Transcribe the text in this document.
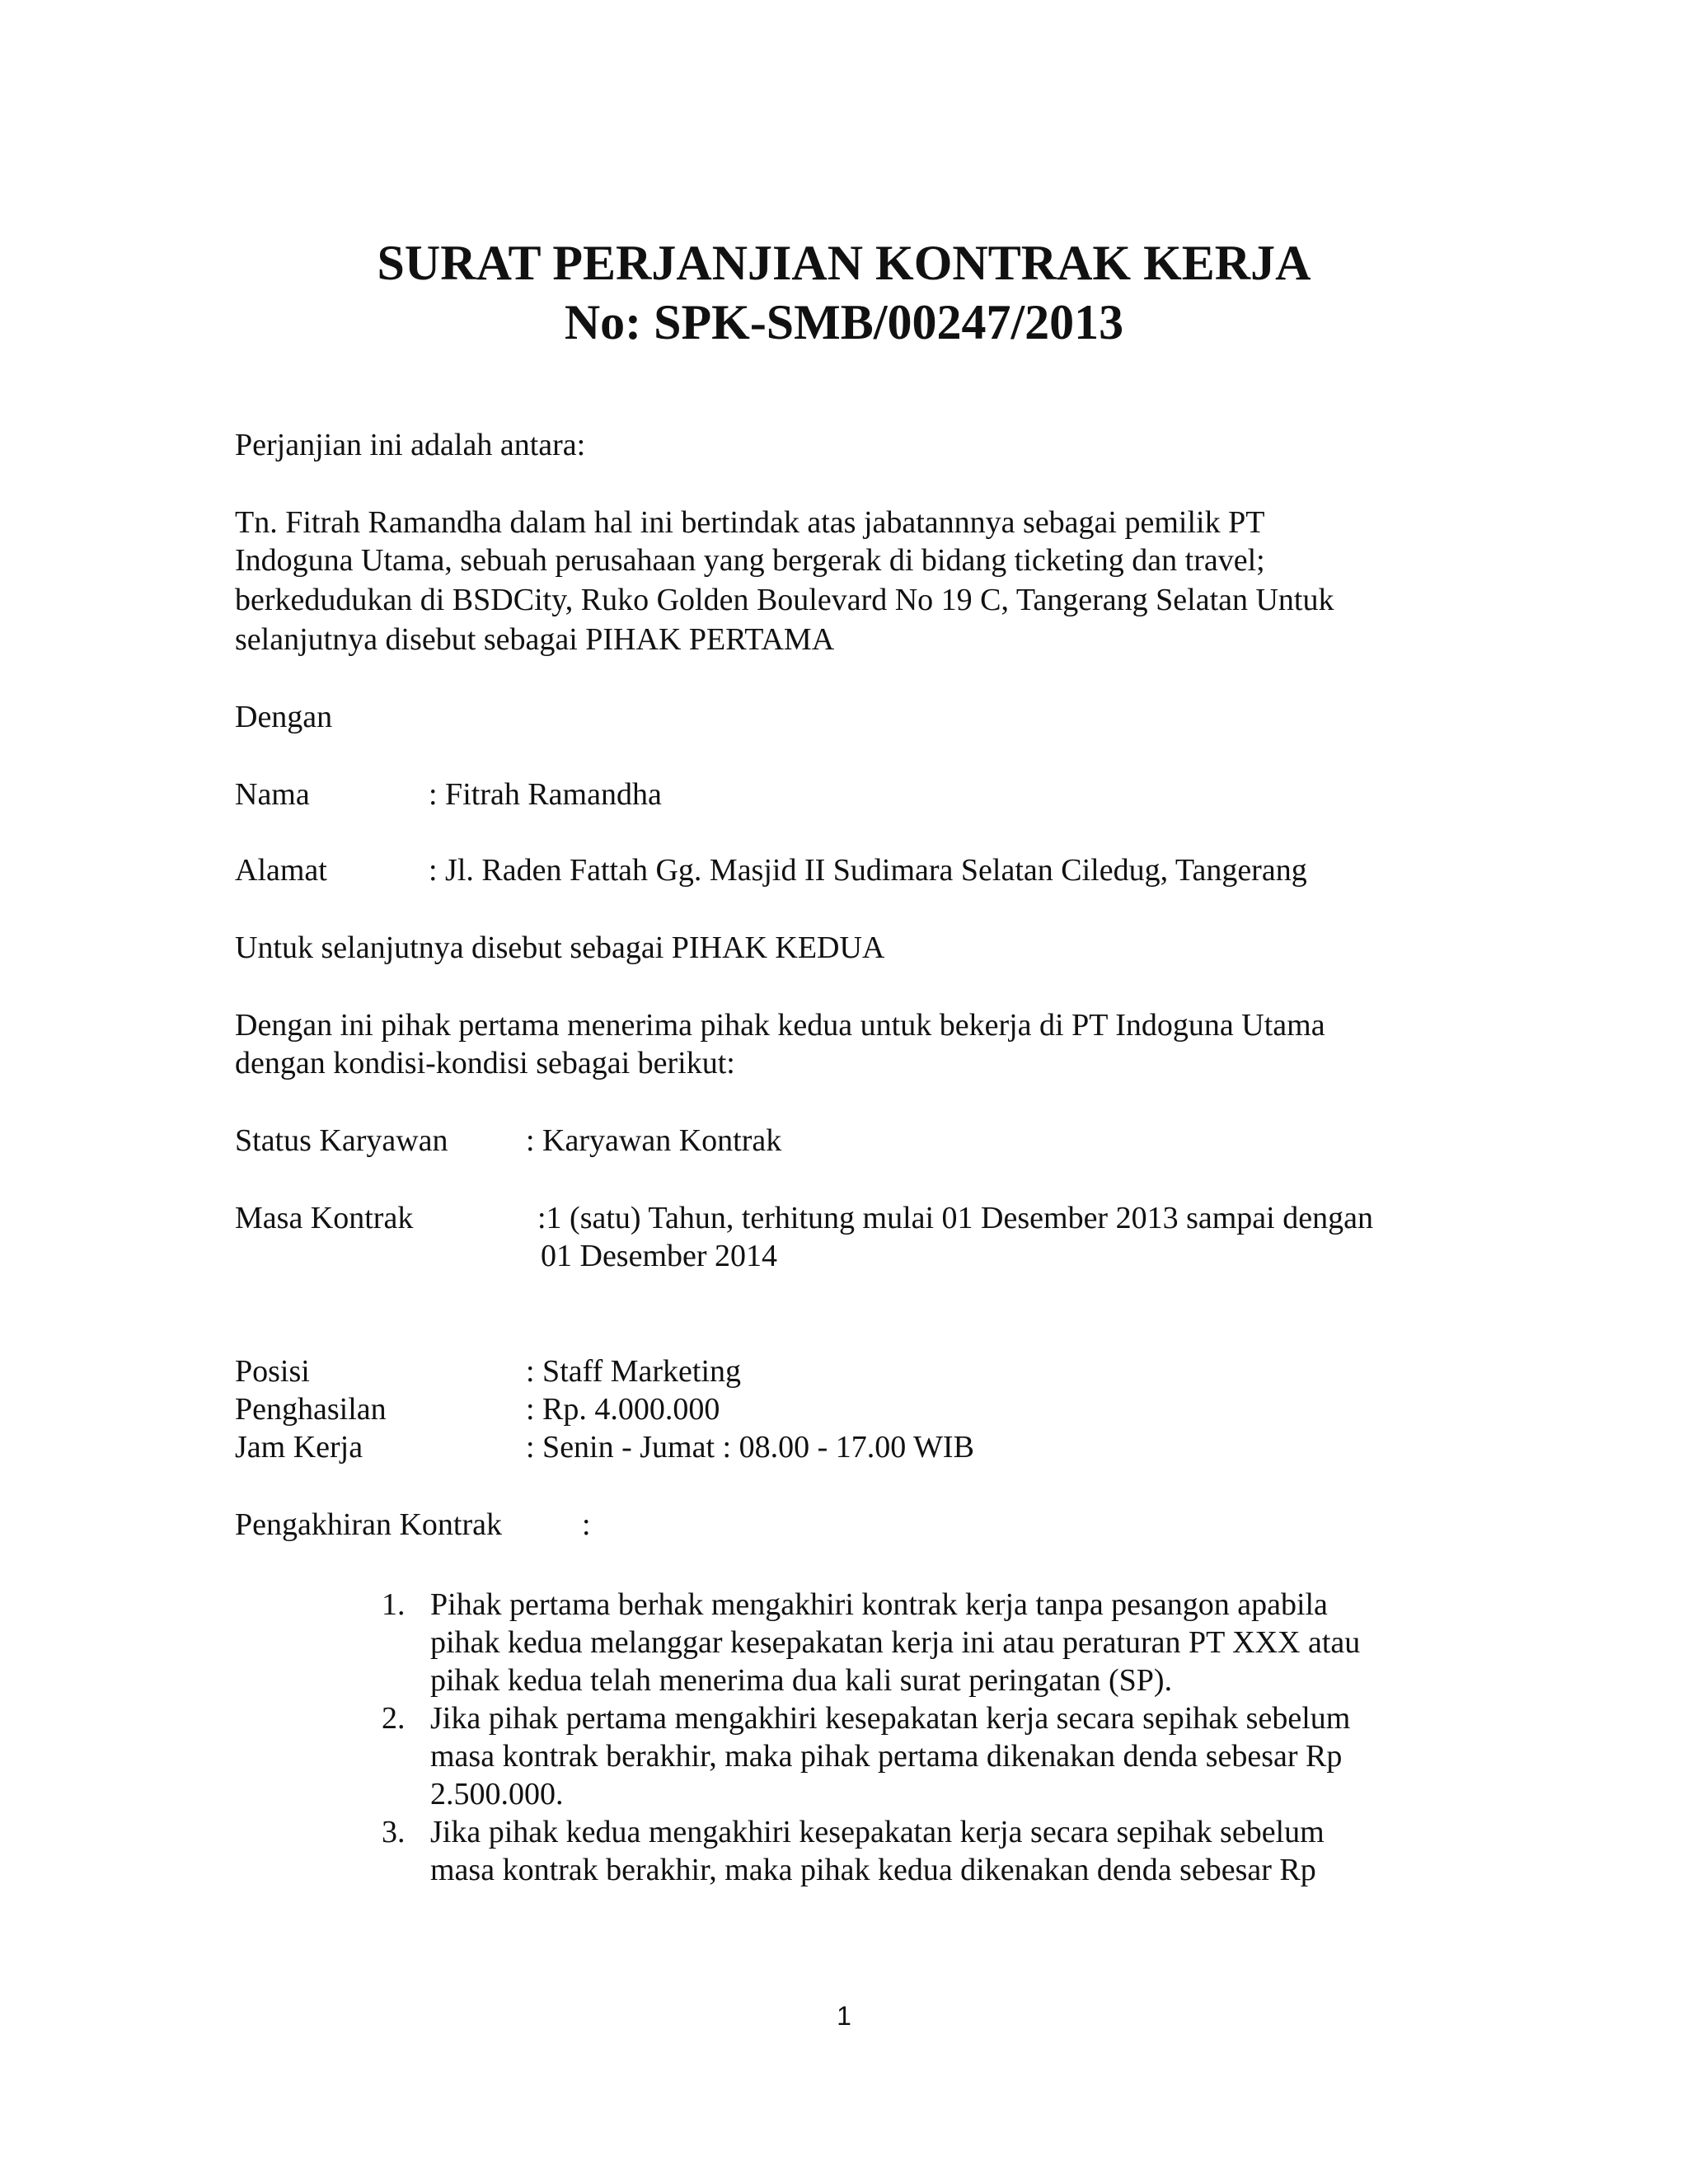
SURAT PERJANJIAN KONTRAK KERJA
No: SPK-SMB/00247/2013

Perjanjian ini adalah antara:

Tn. Fitrah Ramandha dalam hal ini bertindak atas jabatannnya sebagai pemilik PT

Indoguna Utama, sebuah perusahaan yang bergerak di bidang ticketing dan travel;

berkedudukan di BSDCity, Ruko Golden Boulevard No 19 C, Tangerang Selatan Untuk

selanjutnya disebut sebagai PIHAK PERTAMA

Dengan

Nama	: Fitrah Ramandha

Alamat	: Jl. Raden Fattah Gg. Masjid II Sudimara Selatan Ciledug, Tangerang

Untuk selanjutnya disebut sebagai PIHAK KEDUA

Dengan ini pihak pertama menerima pihak kedua untuk bekerja di PT Indoguna Utama

dengan kondisi-kondisi sebagai berikut:

Status Karyawan : Karyawan Kontrak

Masa Kontrak	:1 (satu) Tahun, terhitung mulai 01 Desember 2013 sampai dengan

01 Desember 2014

Posisi	: Staff Marketing

Penghasilan	: Rp. 4.000.000

Jam Kerja	: Senin - Jumat : 08.00 - 17.00 WIB

Pengakhiran Kontrak	:

1. Pihak pertama berhak mengakhiri kontrak kerja tanpa pesangon apabila
pihak kedua melanggar kesepakatan kerja ini atau peraturan PT XXX atau
pihak kedua telah menerima dua kali surat peringatan (SP).
2. Jika pihak pertama mengakhiri kesepakatan kerja secara sepihak sebelum
masa kontrak berakhir, maka pihak pertama dikenakan denda sebesar Rp
2.500.000.
3. Jika pihak kedua mengakhiri kesepakatan kerja secara sepihak sebelum
masa kontrak berakhir, maka pihak kedua dikenakan denda sebesar Rp
1
